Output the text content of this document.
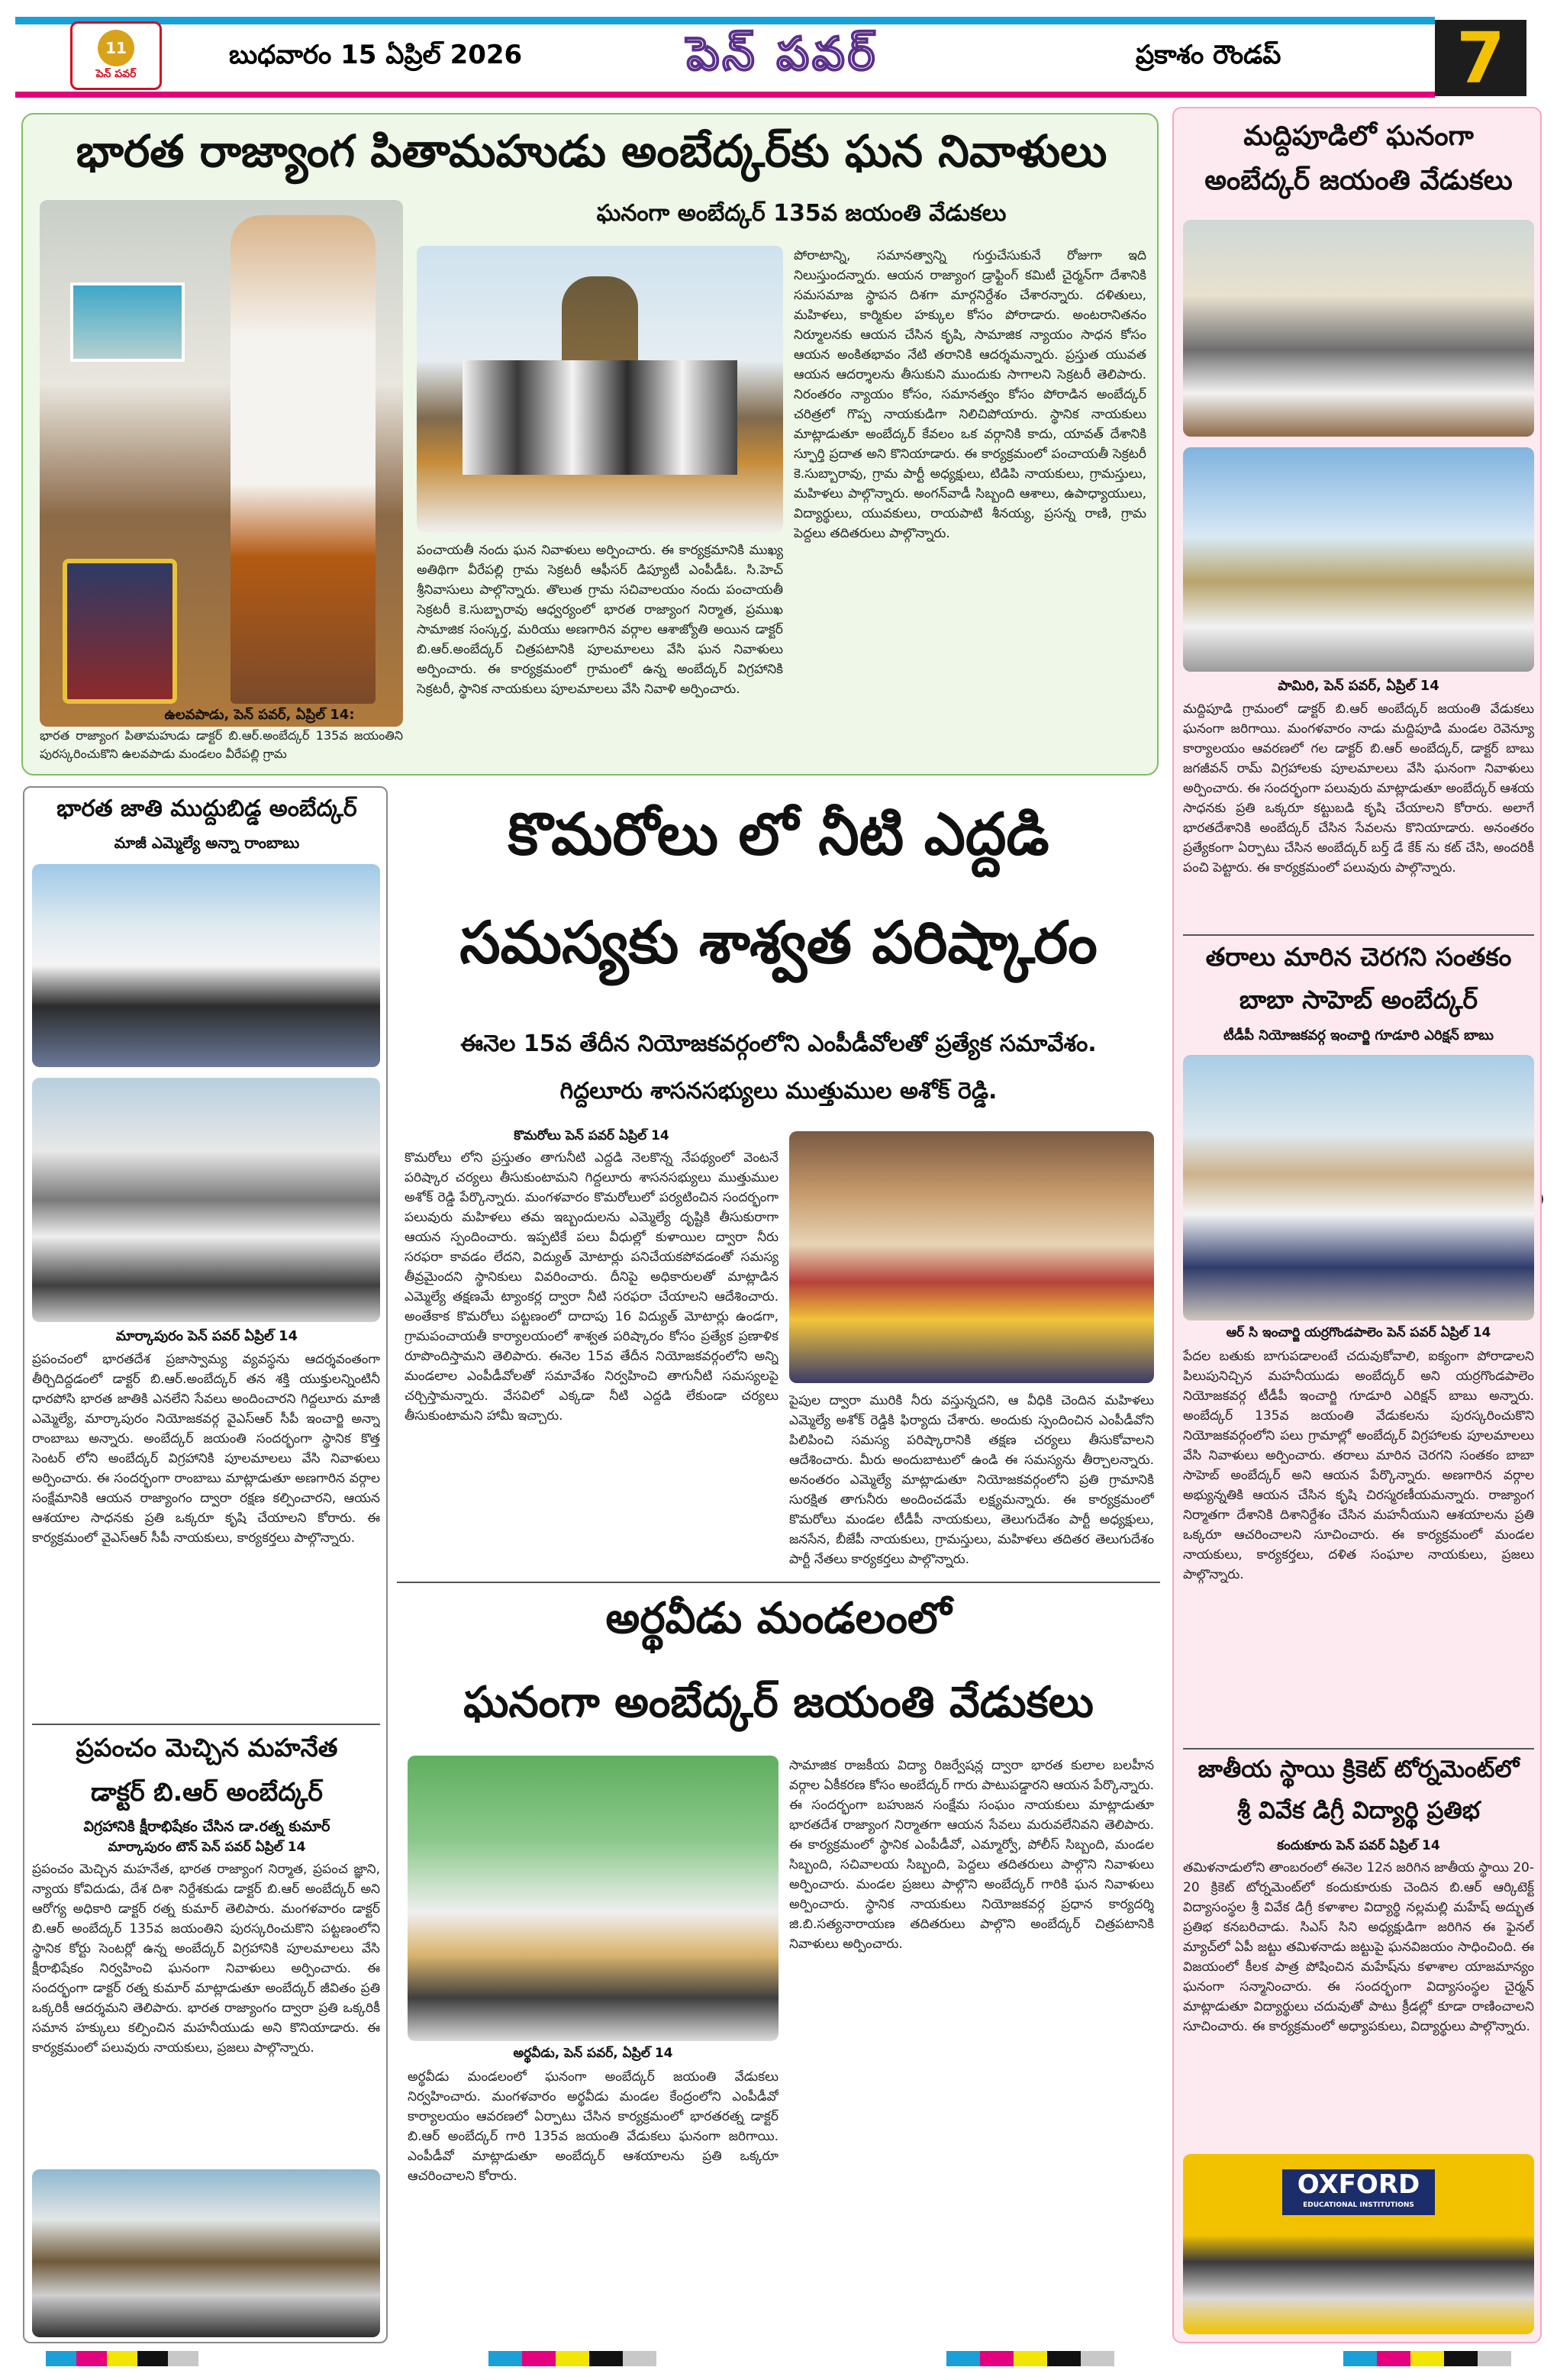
11
పెన్ పవర్
బుధవారం 15 ఏప్రిల్ 2026	పెన్ పవర్	ప్రకాశం రౌండప్	7
భారత రాజ్యాంగ పితామహుడు అంబేద్కర్‌కు ఘన నివాళులు
ఘనంగా అంబేద్కర్ 135వ జయంతి వేడుకలు
ఉలవపాడు, పెన్ పవర్, ఏప్రిల్ 14:
భారత రాజ్యాంగ పితామహుడు డాక్టర్ బి.ఆర్.అంబేద్కర్ 135వ జయంతిని పురస్కరించుకొని ఉలవపాడు మండలం వీరేపల్లి గ్రామ
పంచాయతీ నందు ఘన నివాళులు అర్పించారు. ఈ కార్యక్రమానికి ముఖ్య అతిథిగా వీరేపల్లి గ్రామ సెక్రటరీ ఆఫీసర్ డిప్యూటీ ఎంపీడీఓ. సి.హెచ్ శ్రీనివాసులు పాల్గొన్నారు. తొలుత గ్రామ సచివాలయం నందు పంచాయతీ సెక్రటరీ కె.సుబ్బారావు ఆధ్వర్యంలో భారత రాజ్యాంగ నిర్మాత, ప్రముఖ సామాజిక సంస్కర్త, మరియు అణగారిన వర్గాల ఆశాజ్యోతి అయిన డాక్టర్ బి.ఆర్.అంబేద్కర్ చిత్రపటానికి పూలమాలలు వేసి ఘన నివాళులు అర్పించారు. ఈ కార్యక్రమంలో గ్రామంలో ఉన్న అంబేద్కర్ విగ్రహానికి సెక్రటరీ, స్థానిక నాయకులు పూలమాలలు వేసి నివాళి అర్పించారు.
పోరాటాన్ని, సమానత్వాన్ని గుర్తుచేసుకునే రోజుగా ఇది నిలుస్తుందన్నారు. ఆయన రాజ్యాంగ డ్రాఫ్టింగ్ కమిటీ చైర్మన్‌గా దేశానికి సమసమాజ స్థాపన దిశగా మార్గనిర్దేశం చేశారన్నారు. దళితులు, మహిళలు, కార్మికుల హక్కుల కోసం పోరాడారు. అంటరానితనం నిర్మూలనకు ఆయన చేసిన కృషి, సామాజిక న్యాయం సాధన కోసం ఆయన అంకితభావం నేటి తరానికి ఆదర్శమన్నారు. ప్రస్తుత యువత ఆయన ఆదర్శాలను తీసుకుని ముందుకు సాగాలని సెక్రటరీ తెలిపారు. నిరంతరం న్యాయం కోసం, సమానత్వం కోసం పోరాడిన అంబేద్కర్ చరిత్రలో గొప్ప నాయకుడిగా నిలిచిపోయారు. స్థానిక నాయకులు మాట్లాడుతూ అంబేద్కర్ కేవలం ఒక వర్గానికి కాదు, యావత్ దేశానికి స్ఫూర్తి ప్రదాత అని కొనియాడారు. ఈ కార్యక్రమంలో పంచాయతీ సెక్రటరీ కె.సుబ్బారావు, గ్రామ పార్టీ అధ్యక్షులు, టిడిపి నాయకులు, గ్రామస్తులు, మహిళలు పాల్గొన్నారు. అంగన్‌వాడీ సిబ్బంది ఆశాలు, ఉపాధ్యాయులు, విద్యార్థులు, యువకులు, రాయపాటి శీనయ్య, ప్రసన్న రాణి, గ్రామ పెద్దలు తదితరులు పాల్గొన్నారు.
మద్దిపూడిలో ఘనంగా
అంబేద్కర్ జయంతి వేడుకలు
పామిరి, పెన్ పవర్, ఏప్రిల్ 14
మద్దిపూడి గ్రామంలో డాక్టర్ బి.ఆర్ అంబేద్కర్ జయంతి వేడుకలు ఘనంగా జరిగాయి. మంగళవారం నాడు మద్దిపూడి మండల రెవెన్యూ కార్యాలయం ఆవరణలో గల డాక్టర్ బి.ఆర్ అంబేద్కర్, డాక్టర్ బాబు జగజీవన్ రామ్ విగ్రహాలకు పూలమాలలు వేసి ఘనంగా నివాళులు అర్పించారు. ఈ సందర్భంగా పలువురు మాట్లాడుతూ అంబేద్కర్ ఆశయ సాధనకు ప్రతి ఒక్కరూ కట్టుబడి కృషి చేయాలని కోరారు. అలాగే భారతదేశానికి అంబేద్కర్ చేసిన సేవలను కొనియాడారు. అనంతరం ప్రత్యేకంగా ఏర్పాటు చేసిన అంబేద్కర్ బర్త్ డే కేక్ ను కట్ చేసి, అందరికీ పంచి పెట్టారు. ఈ కార్యక్రమంలో పలువురు పాల్గొన్నారు.
తరాలు మారిన చెరగని సంతకం
బాబా సాహెబ్ అంబేద్కర్
టీడీపీ నియోజకవర్గ ఇంచార్జి గూడూరి ఎరిక్షన్ బాబు
ఆర్ సి ఇంచార్జి యర్రగొండపాలెం పెన్ పవర్ ఏప్రిల్ 14
పేదల బతుకు బాగుపడాలంటే చదువుకోవాలి, ఐక్యంగా పోరాడాలని పిలుపునిచ్చిన మహనీయుడు అంబేద్కర్ అని యర్రగొండపాలెం నియోజకవర్గ టీడీపీ ఇంచార్జి గూడూరి ఎరిక్షన్ బాబు అన్నారు. అంబేద్కర్ 135వ జయంతి వేడుకలను పురస్కరించుకొని నియోజకవర్గంలోని పలు గ్రామాల్లో అంబేద్కర్ విగ్రహాలకు పూలమాలలు వేసి నివాళులు అర్పించారు. తరాలు మారిన చెరగని సంతకం బాబా సాహెబ్ అంబేద్కర్ అని ఆయన పేర్కొన్నారు. అణగారిన వర్గాల అభ్యున్నతికి ఆయన చేసిన కృషి చిరస్మరణీయమన్నారు. రాజ్యాంగ నిర్మాతగా దేశానికి దిశానిర్దేశం చేసిన మహనీయుని ఆశయాలను ప్రతి ఒక్కరూ ఆచరించాలని సూచించారు. ఈ కార్యక్రమంలో మండల నాయకులు, కార్యకర్తలు, దళిత సంఘాల నాయకులు, ప్రజలు పాల్గొన్నారు.
జాతీయ స్థాయి క్రికెట్ టోర్నమెంట్‌లో
శ్రీ వివేక డిగ్రీ విద్యార్థి ప్రతిభ
కందుకూరు పెన్ పవర్ ఏప్రిల్ 14
తమిళనాడులోని తాంబరంలో ఈనెల 12న జరిగిన జాతీయ స్థాయి 20-20 క్రికెట్ టోర్నమెంట్‌లో కందుకూరుకు చెందిన బి.ఆర్ ఆర్కిటెక్ట్ విద్యాసంస్థల శ్రీ వివేక డిగ్రీ కళాశాల విద్యార్థి నల్లమల్లి మహేష్ అద్భుత ప్రతిభ కనబరిచాడు. సిఎస్ సిని అధ్యక్షుడిగా జరిగిన ఈ ఫైనల్ మ్యాచ్‌లో ఏపీ జట్టు తమిళనాడు జట్టుపై ఘనవిజయం సాధించింది. ఈ విజయంలో కీలక పాత్ర పోషించిన మహేష్‌ను కళాశాల యాజమాన్యం ఘనంగా సన్మానించారు. ఈ సందర్భంగా విద్యాసంస్థల చైర్మన్ మాట్లాడుతూ విద్యార్థులు చదువుతో పాటు క్రీడల్లో కూడా రాణించాలని సూచించారు. ఈ కార్యక్రమంలో అధ్యాపకులు, విద్యార్థులు పాల్గొన్నారు.
OXFORD
EDUCATIONAL INSTITUTIONS
భారత జాతి ముద్దుబిడ్డ అంబేద్కర్
మాజీ ఎమ్మెల్యే అన్నా రాంబాబు
మార్కాపురం పెన్ పవర్ ఏప్రిల్ 14
ప్రపంచంలో భారతదేశ ప్రజాస్వామ్య వ్యవస్థను ఆదర్శవంతంగా తీర్చిదిద్దడంలో డాక్టర్ బి.ఆర్.అంబేద్కర్ తన శక్తి యుక్తులన్నింటినీ ధారపోసి భారత జాతికి ఎనలేని సేవలు అందించారని గిద్దలూరు మాజీ ఎమ్మెల్యే, మార్కాపురం నియోజకవర్గ వైఎస్ఆర్ సీపీ ఇంచార్జి అన్నా రాంబాబు అన్నారు. అంబేద్కర్ జయంతి సందర్భంగా స్థానిక కొత్త సెంటర్ లోని అంబేద్కర్ విగ్రహానికి పూలమాలలు వేసి నివాళులు అర్పించారు. ఈ సందర్భంగా రాంబాబు మాట్లాడుతూ అణగారిన వర్గాల సంక్షేమానికి ఆయన రాజ్యాంగం ద్వారా రక్షణ కల్పించారని, ఆయన ఆశయాల సాధనకు ప్రతి ఒక్కరూ కృషి చేయాలని కోరారు. ఈ కార్యక్రమంలో వైఎస్ఆర్ సీపీ నాయకులు, కార్యకర్తలు పాల్గొన్నారు.
ప్రపంచం మెచ్చిన మహనేత
డాక్టర్ బి.ఆర్ అంబేద్కర్
విగ్రహానికి క్షీరాభిషేకం చేసిన డా.రత్న కుమార్
మార్కాపురం టౌన్ పెన్ పవర్ ఏప్రిల్ 14
ప్రపంచం మెచ్చిన మహనేత, భారత రాజ్యాంగ నిర్మాత, ప్రపంచ జ్ఞాని, న్యాయ కోవిదుడు, దేశ దిశా నిర్దేశకుడు డాక్టర్ బి.ఆర్ అంబేద్కర్ అని ఆరోగ్య అధికారి డాక్టర్ రత్న కుమార్ తెలిపారు. మంగళవారం డాక్టర్ బి.ఆర్ అంబేద్కర్ 135వ జయంతిని పురస్కరించుకొని పట్టణంలోని స్థానిక కోర్టు సెంటర్లో ఉన్న అంబేద్కర్ విగ్రహానికి పూలమాలలు వేసి క్షీరాభిషేకం నిర్వహించి ఘనంగా నివాళులు అర్పించారు. ఈ సందర్భంగా డాక్టర్ రత్న కుమార్ మాట్లాడుతూ అంబేద్కర్ జీవితం ప్రతి ఒక్కరికీ ఆదర్శమని తెలిపారు. భారత రాజ్యాంగం ద్వారా ప్రతి ఒక్కరికీ సమాన హక్కులు కల్పించిన మహనీయుడు అని కొనియాడారు. ఈ కార్యక్రమంలో పలువురు నాయకులు, ప్రజలు పాల్గొన్నారు.
కొమరోలు లో నీటి ఎద్దడి
సమస్యకు శాశ్వత పరిష్కారం
ఈనెల 15వ తేదీన నియోజకవర్గంలోని ఎంపీడీవోలతో ప్రత్యేక సమావేశం.
గిద్దలూరు శాసనసభ్యులు ముత్తుముల అశోక్ రెడ్డి.
కొమరోలు పెన్ పవర్ ఏప్రిల్ 14
కొమరోలు లోని ప్రస్తుతం తాగునీటి ఎద్దడి నెలకొన్న నేపథ్యంలో వెంటనే పరిష్కార చర్యలు తీసుకుంటామని గిద్దలూరు శాసనసభ్యులు ముత్తుముల అశోక్ రెడ్డి పేర్కొన్నారు. మంగళవారం కొమరోలులో పర్యటించిన సందర్భంగా పలువురు మహిళలు తమ ఇబ్బందులను ఎమ్మెల్యే దృష్టికి తీసుకురాగా ఆయన స్పందించారు. ఇప్పటికే పలు వీధుల్లో కుళాయిల ద్వారా నీరు సరఫరా కావడం లేదని, విద్యుత్ మోటార్లు పనిచేయకపోవడంతో సమస్య తీవ్రమైందని స్థానికులు వివరించారు. దీనిపై అధికారులతో మాట్లాడిన ఎమ్మెల్యే తక్షణమే ట్యాంకర్ల ద్వారా నీటి సరఫరా చేయాలని ఆదేశించారు. అంతేకాక కొమరోలు పట్టణంలో దాదాపు 16 విద్యుత్ మోటార్లు ఉండగా, గ్రామపంచాయతీ కార్యాలయంలో శాశ్వత పరిష్కారం కోసం ప్రత్యేక ప్రణాళిక రూపొందిస్తామని తెలిపారు. ఈనెల 15వ తేదీన నియోజకవర్గంలోని అన్ని మండలాల ఎంపీడీవోలతో సమావేశం నిర్వహించి తాగునీటి సమస్యలపై చర్చిస్తామన్నారు. వేసవిలో ఎక్కడా నీటి ఎద్దడి లేకుండా చర్యలు తీసుకుంటామని హామీ ఇచ్చారు.
పైపుల ద్వారా మురికి నీరు వస్తున్నదని, ఆ వీధికి చెందిన మహిళలు ఎమ్మెల్యే అశోక్ రెడ్డికి ఫిర్యాదు చేశారు. అందుకు స్పందించిన ఎంపీడీవోని పిలిపించి సమస్య పరిష్కారానికి తక్షణ చర్యలు తీసుకోవాలని ఆదేశించారు. మీరు అందుబాటులో ఉండి ఈ సమస్యను తీర్చాలన్నారు. అనంతరం ఎమ్మెల్యే మాట్లాడుతూ నియోజకవర్గంలోని ప్రతి గ్రామానికి సురక్షిత తాగునీరు అందించడమే లక్ష్యమన్నారు. ఈ కార్యక్రమంలో కొమరోలు మండల టీడీపీ నాయకులు, తెలుగుదేశం పార్టీ అధ్యక్షులు, జనసేన, బీజేపీ నాయకులు, గ్రామస్తులు, మహిళలు తదితర తెలుగుదేశం పార్టీ నేతలు కార్యకర్తలు పాల్గొన్నారు.
అర్థవీడు మండలంలో
ఘనంగా అంబేద్కర్ జయంతి వేడుకలు
అర్థవీడు, పెన్ పవర్, ఏప్రిల్ 14
అర్థవీడు మండలంలో ఘనంగా అంబేద్కర్ జయంతి వేడుకలు నిర్వహించారు. మంగళవారం అర్థవీడు మండల కేంద్రంలోని ఎంపీడీవో కార్యాలయం ఆవరణలో ఏర్పాటు చేసిన కార్యక్రమంలో భారతరత్న డాక్టర్ బి.ఆర్ అంబేద్కర్ గారి 135వ జయంతి వేడుకలు ఘనంగా జరిగాయి. ఎంపీడీవో మాట్లాడుతూ అంబేద్కర్ ఆశయాలను ప్రతి ఒక్కరూ ఆచరించాలని కోరారు.
సామాజిక రాజకీయ విద్యా రిజర్వేషన్ల ద్వారా భారత కులాల బలహీన వర్గాల ఏకీకరణ కోసం అంబేద్కర్ గారు పాటుపడ్డారని ఆయన పేర్కొన్నారు. ఈ సందర్భంగా బహుజన సంక్షేమ సంఘం నాయకులు మాట్లాడుతూ భారతదేశ రాజ్యాంగ నిర్మాతగా ఆయన సేవలు మరువలేనివని తెలిపారు. ఈ కార్యక్రమంలో స్థానిక ఎంపీడీవో, ఎమ్మార్వో, పోలీస్ సిబ్బంది, మండల సిబ్బంది, సచివాలయ సిబ్బంది, పెద్దలు తదితరులు పాల్గొని నివాళులు అర్పించారు. మండల ప్రజలు పాల్గొని అంబేద్కర్ గారికి ఘన నివాళులు అర్పించారు. స్థానిక నాయకులు నియోజకవర్గ ప్రధాన కార్యదర్శి జి.బి.సత్యనారాయణ తదితరులు పాల్గొని అంబేద్కర్ చిత్రపటానికి నివాళులు అర్పించారు.
